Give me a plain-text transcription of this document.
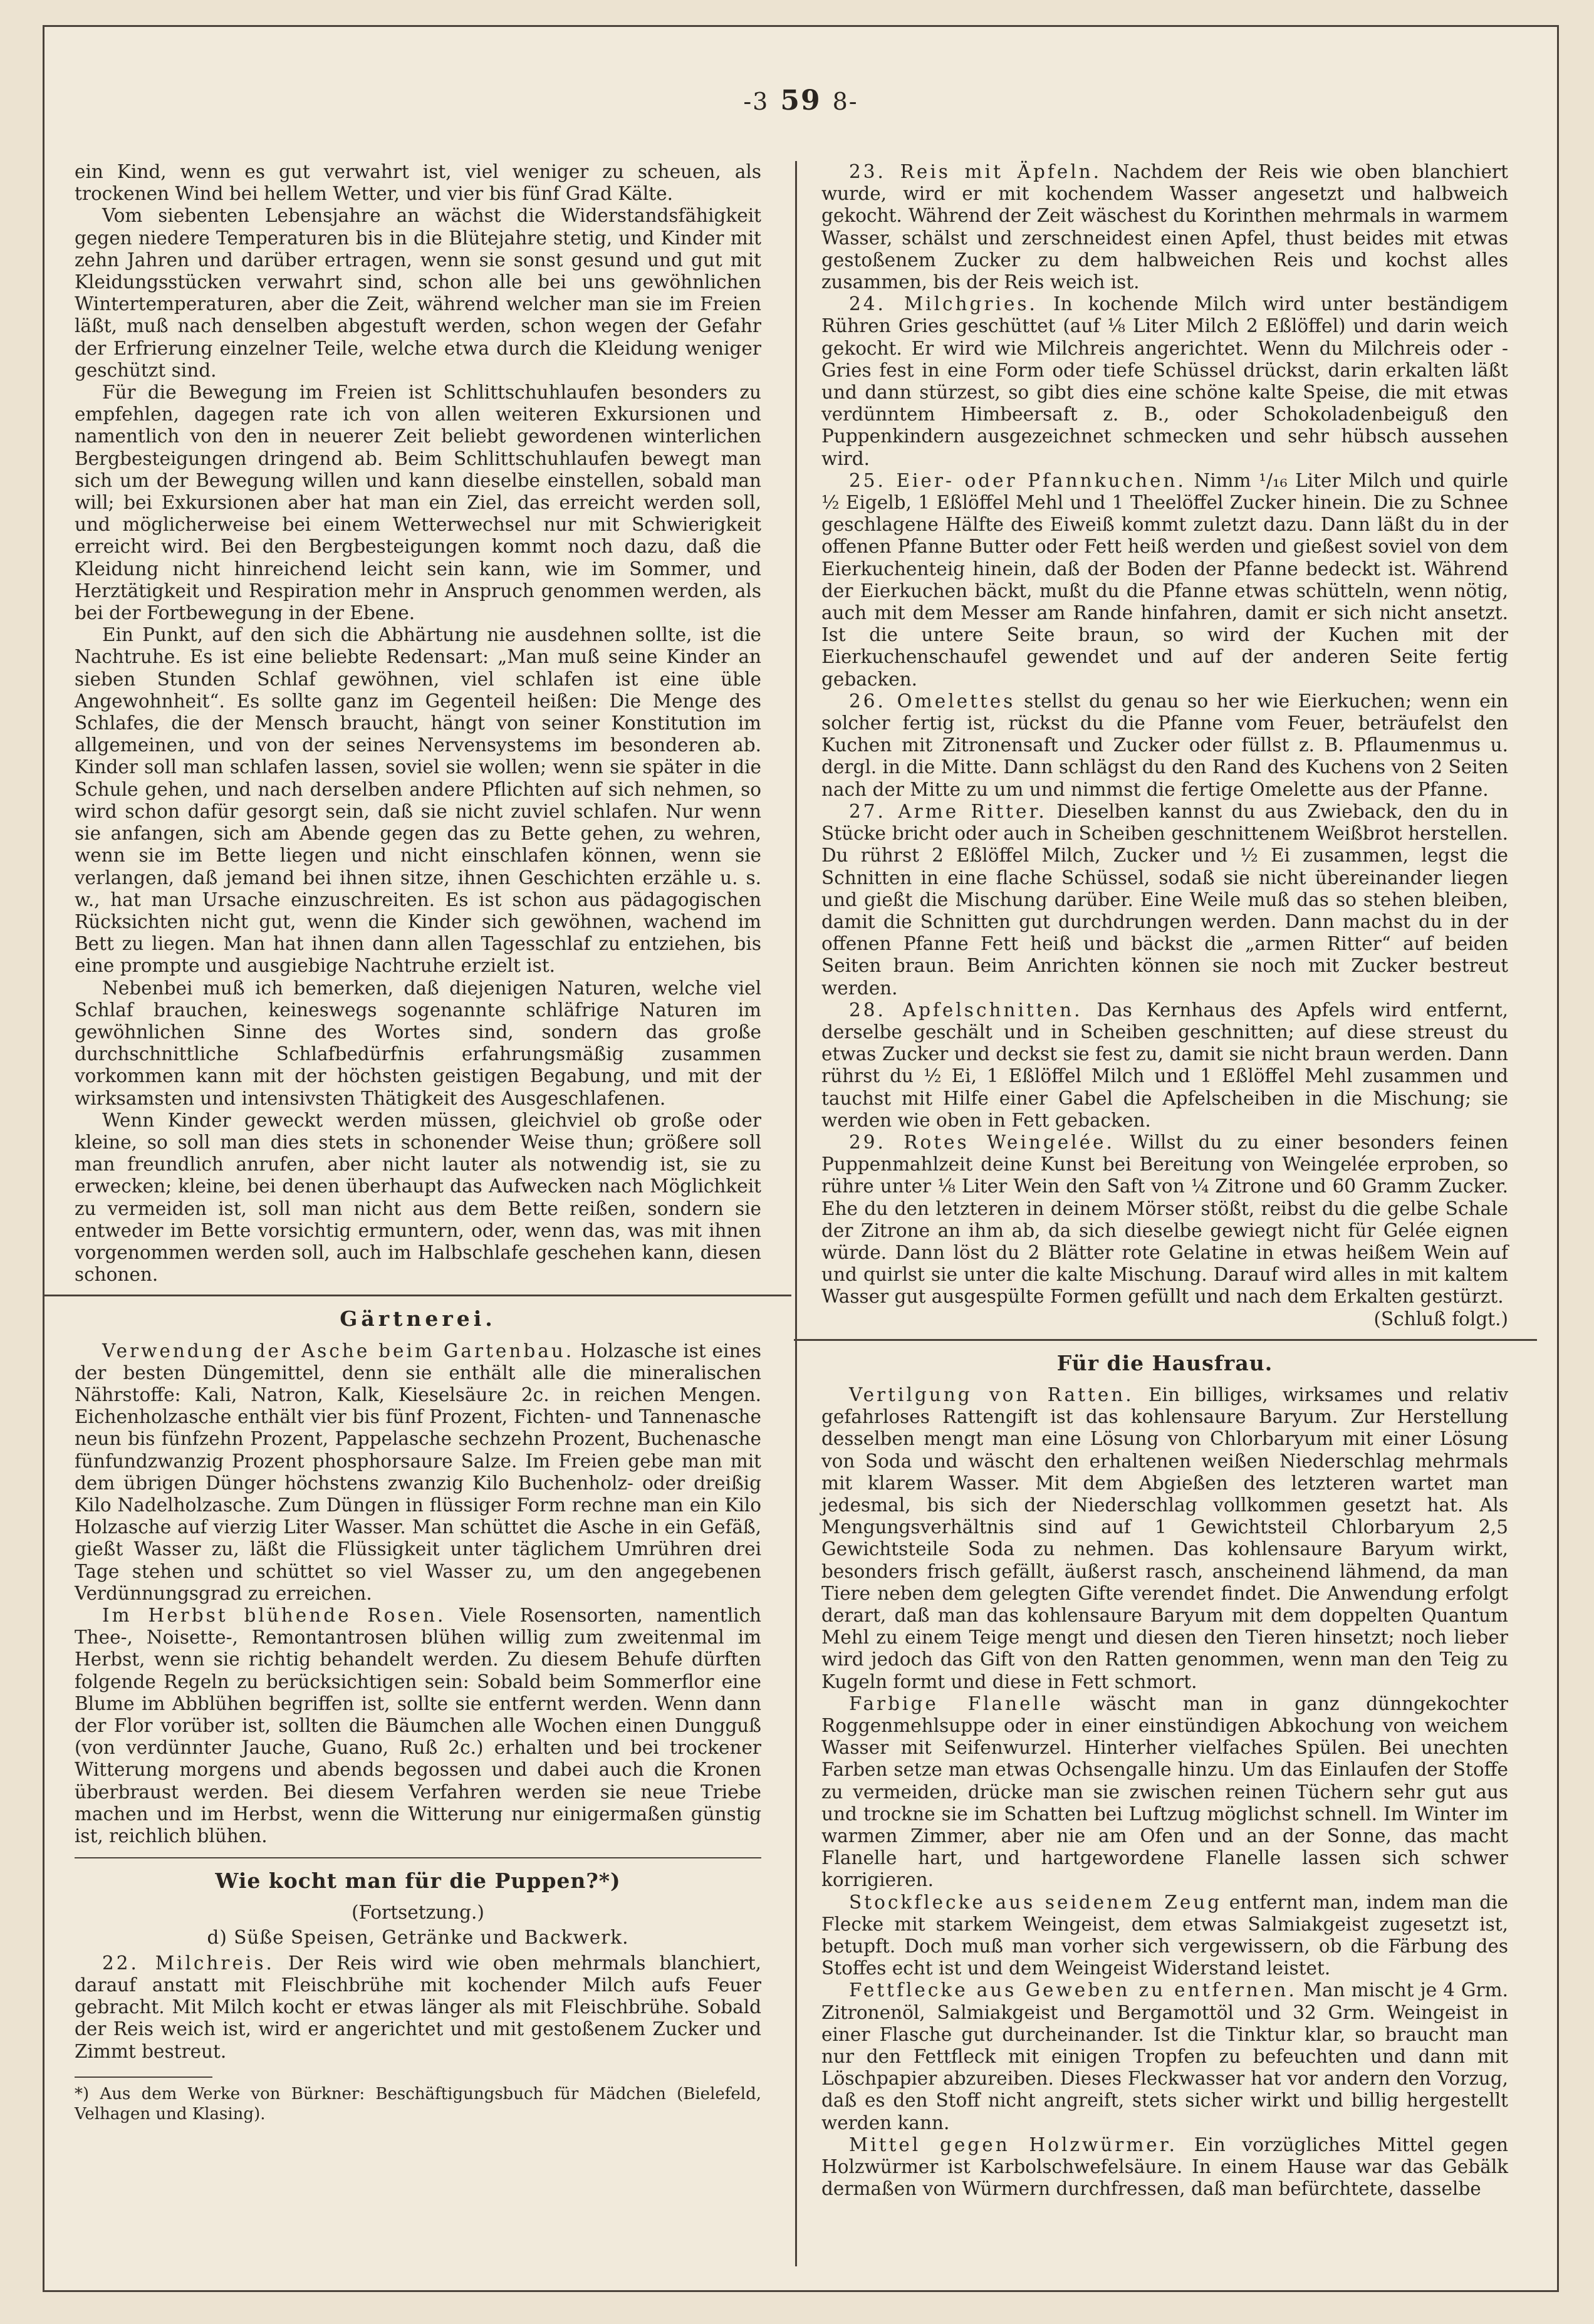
-3 59 8-

ein Kind, wenn es gut verwahrt ist, viel weniger zu scheuen, als trockenen Wind bei hellem Wetter, und vier bis fünf Grad Kälte.

Vom siebenten Lebensjahre an wächst die Widerstandsfähigkeit gegen niedere Temperaturen bis in die Blütejahre stetig, und Kinder mit zehn Jahren und darüber ertragen, wenn sie sonst gesund und gut mit Kleidungsstücken verwahrt sind, schon alle bei uns gewöhnlichen Wintertemperaturen, aber die Zeit, während welcher man sie im Freien läßt, muß nach denselben abgestuft werden, schon wegen der Gefahr der Erfrierung einzelner Teile, welche etwa durch die Kleidung weniger geschützt sind.

Für die Bewegung im Freien ist Schlittschuhlaufen besonders zu empfehlen, dagegen rate ich von allen weiteren Exkursionen und namentlich von den in neuerer Zeit beliebt gewordenen winterlichen Bergbesteigungen dringend ab. Beim Schlittschuhlaufen bewegt man sich um der Bewegung willen und kann dieselbe einstellen, sobald man will; bei Exkursionen aber hat man ein Ziel, das erreicht werden soll, und möglicherweise bei einem Wetterwechsel nur mit Schwierigkeit erreicht wird. Bei den Bergbesteigungen kommt noch dazu, daß die Kleidung nicht hinreichend leicht sein kann, wie im Sommer, und Herztätigkeit und Respiration mehr in Anspruch genommen werden, als bei der Fortbewegung in der Ebene.

Ein Punkt, auf den sich die Abhärtung nie ausdehnen sollte, ist die Nachtruhe. Es ist eine beliebte Redensart: „Man muß seine Kinder an sieben Stunden Schlaf gewöhnen, viel schlafen ist eine üble Angewohnheit“. Es sollte ganz im Gegenteil heißen: Die Menge des Schlafes, die der Mensch braucht, hängt von seiner Konstitution im allgemeinen, und von der seines Nervensystems im besonderen ab. Kinder soll man schlafen lassen, soviel sie wollen; wenn sie später in die Schule gehen, und nach derselben andere Pflichten auf sich nehmen, so wird schon dafür gesorgt sein, daß sie nicht zuviel schlafen. Nur wenn sie anfangen, sich am Abende gegen das zu Bette gehen, zu wehren, wenn sie im Bette liegen und nicht einschlafen können, wenn sie verlangen, daß jemand bei ihnen sitze, ihnen Geschichten erzähle u. s. w., hat man Ursache einzuschreiten. Es ist schon aus pädagogischen Rücksichten nicht gut, wenn die Kinder sich gewöhnen, wachend im Bett zu liegen. Man hat ihnen dann allen Tagesschlaf zu entziehen, bis eine prompte und ausgiebige Nachtruhe erzielt ist.

Nebenbei muß ich bemerken, daß diejenigen Naturen, welche viel Schlaf brauchen, keineswegs sogenannte schläfrige Naturen im gewöhnlichen Sinne des Wortes sind, sondern das große durchschnittliche Schlafbedürfnis erfahrungsmäßig zusammen vorkommen kann mit der höchsten geistigen Begabung, und mit der wirksamsten und intensivsten Thätigkeit des Ausgeschlafenen.

Wenn Kinder geweckt werden müssen, gleichviel ob große oder kleine, so soll man dies stets in schonender Weise thun; größere soll man freundlich anrufen, aber nicht lauter als notwendig ist, sie zu erwecken; kleine, bei denen überhaupt das Aufwecken nach Möglichkeit zu vermeiden ist, soll man nicht aus dem Bette reißen, sondern sie entweder im Bette vorsichtig ermuntern, oder, wenn das, was mit ihnen vorgenommen werden soll, auch im Halbschlafe geschehen kann, diesen schonen.

Gärtnerei.

Verwendung der Asche beim Gartenbau. Holzasche ist eines der besten Düngemittel, denn sie enthält alle die mineralischen Nährstoffe: Kali, Natron, Kalk, Kieselsäure 2c. in reichen Mengen. Eichenholzasche enthält vier bis fünf Prozent, Fichten- und Tannenasche neun bis fünfzehn Prozent, Pappelasche sechzehn Prozent, Buchenasche fünfundzwanzig Prozent phosphorsaure Salze. Im Freien gebe man mit dem übrigen Dünger höchstens zwanzig Kilo Buchenholz- oder dreißig Kilo Nadelholzasche. Zum Düngen in flüssiger Form rechne man ein Kilo Holzasche auf vierzig Liter Wasser. Man schüttet die Asche in ein Gefäß, gießt Wasser zu, läßt die Flüssigkeit unter täglichem Umrühren drei Tage stehen und schüttet so viel Wasser zu, um den angegebenen Verdünnungsgrad zu erreichen.

Im Herbst blühende Rosen. Viele Rosensorten, namentlich Thee-, Noisette-, Remontantrosen blühen willig zum zweitenmal im Herbst, wenn sie richtig behandelt werden. Zu diesem Behufe dürften folgende Regeln zu berücksichtigen sein: Sobald beim Sommerflor eine Blume im Abblühen begriffen ist, sollte sie entfernt werden. Wenn dann der Flor vorüber ist, sollten die Bäumchen alle Wochen einen Dungguß (von verdünnter Jauche, Guano, Ruß 2c.) erhalten und bei trockener Witterung morgens und abends begossen und dabei auch die Kronen überbraust werden. Bei diesem Verfahren werden sie neue Triebe machen und im Herbst, wenn die Witterung nur einigermaßen günstig ist, reichlich blühen.

Wie kocht man für die Puppen?*)
(Fortsetzung.)
d) Süße Speisen, Getränke und Backwerk.

22. Milchreis. Der Reis wird wie oben mehrmals blanchiert, darauf anstatt mit Fleischbrühe mit kochender Milch aufs Feuer gebracht. Mit Milch kocht er etwas länger als mit Fleischbrühe. Sobald der Reis weich ist, wird er angerichtet und mit gestoßenem Zucker und Zimmt bestreut.

*) Aus dem Werke von Bürkner: Beschäftigungsbuch für Mädchen (Bielefeld, Velhagen und Klasing).

23. Reis mit Äpfeln. Nachdem der Reis wie oben blanchiert wurde, wird er mit kochendem Wasser angesetzt und halbweich gekocht. Während der Zeit wäschest du Korinthen mehrmals in warmem Wasser, schälst und zerschneidest einen Apfel, thust beides mit etwas gestoßenem Zucker zu dem halbweichen Reis und kochst alles zusammen, bis der Reis weich ist.

24. Milchgries. In kochende Milch wird unter beständigem Rühren Gries geschüttet (auf ⅛ Liter Milch 2 Eßlöffel) und darin weich gekocht. Er wird wie Milchreis angerichtet. Wenn du Milchreis oder -Gries fest in eine Form oder tiefe Schüssel drückst, darin erkalten läßt und dann stürzest, so gibt dies eine schöne kalte Speise, die mit etwas verdünntem Himbeersaft z. B., oder Schokoladenbeiguß den Puppenkindern ausgezeichnet schmecken und sehr hübsch aussehen wird.

25. Eier- oder Pfannkuchen. Nimm ¹/₁₆ Liter Milch und quirle ½ Eigelb, 1 Eßlöffel Mehl und 1 Theelöffel Zucker hinein. Die zu Schnee geschlagene Hälfte des Eiweiß kommt zuletzt dazu. Dann läßt du in der offenen Pfanne Butter oder Fett heiß werden und gießest soviel von dem Eierkuchenteig hinein, daß der Boden der Pfanne bedeckt ist. Während der Eierkuchen bäckt, mußt du die Pfanne etwas schütteln, wenn nötig, auch mit dem Messer am Rande hinfahren, damit er sich nicht ansetzt. Ist die untere Seite braun, so wird der Kuchen mit der Eierkuchenschaufel gewendet und auf der anderen Seite fertig gebacken.

26. Omelettes stellst du genau so her wie Eierkuchen; wenn ein solcher fertig ist, rückst du die Pfanne vom Feuer, beträufelst den Kuchen mit Zitronensaft und Zucker oder füllst z. B. Pflaumenmus u. dergl. in die Mitte. Dann schlägst du den Rand des Kuchens von 2 Seiten nach der Mitte zu um und nimmst die fertige Omelette aus der Pfanne.

27. Arme Ritter. Dieselben kannst du aus Zwieback, den du in Stücke bricht oder auch in Scheiben geschnittenem Weißbrot herstellen. Du rührst 2 Eßlöffel Milch, Zucker und ½ Ei zusammen, legst die Schnitten in eine flache Schüssel, sodaß sie nicht übereinander liegen und gießt die Mischung darüber. Eine Weile muß das so stehen bleiben, damit die Schnitten gut durchdrungen werden. Dann machst du in der offenen Pfanne Fett heiß und bäckst die „armen Ritter“ auf beiden Seiten braun. Beim Anrichten können sie noch mit Zucker bestreut werden.

28. Apfelschnitten. Das Kernhaus des Apfels wird entfernt, derselbe geschält und in Scheiben geschnitten; auf diese streust du etwas Zucker und deckst sie fest zu, damit sie nicht braun werden. Dann rührst du ½ Ei, 1 Eßlöffel Milch und 1 Eßlöffel Mehl zusammen und tauchst mit Hilfe einer Gabel die Apfelscheiben in die Mischung; sie werden wie oben in Fett gebacken.

29. Rotes Weingelée. Willst du zu einer besonders feinen Puppenmahlzeit deine Kunst bei Bereitung von Weingelée erproben, so rühre unter ⅛ Liter Wein den Saft von ¼ Zitrone und 60 Gramm Zucker. Ehe du den letzteren in deinem Mörser stößt, reibst du die gelbe Schale der Zitrone an ihm ab, da sich dieselbe gewiegt nicht für Gelée eignen würde. Dann löst du 2 Blätter rote Gelatine in etwas heißem Wein auf und quirlst sie unter die kalte Mischung. Darauf wird alles in mit kaltem Wasser gut ausgespülte Formen gefüllt und nach dem Erkalten gestürzt.

(Schluß folgt.)
Für die Hausfrau.

Vertilgung von Ratten. Ein billiges, wirksames und relativ gefahrloses Rattengift ist das kohlensaure Baryum. Zur Herstellung desselben mengt man eine Lösung von Chlorbaryum mit einer Lösung von Soda und wäscht den erhaltenen weißen Niederschlag mehrmals mit klarem Wasser. Mit dem Abgießen des letzteren wartet man jedesmal, bis sich der Niederschlag vollkommen gesetzt hat. Als Mengungsverhältnis sind auf 1 Gewichtsteil Chlorbaryum 2,5 Gewichtsteile Soda zu nehmen. Das kohlensaure Baryum wirkt, besonders frisch gefällt, äußerst rasch, anscheinend lähmend, da man Tiere neben dem gelegten Gifte verendet findet. Die Anwendung erfolgt derart, daß man das kohlensaure Baryum mit dem doppelten Quantum Mehl zu einem Teige mengt und diesen den Tieren hinsetzt; noch lieber wird jedoch das Gift von den Ratten genommen, wenn man den Teig zu Kugeln formt und diese in Fett schmort.

Farbige Flanelle wäscht man in ganz dünngekochter Roggenmehlsuppe oder in einer einstündigen Abkochung von weichem Wasser mit Seifenwurzel. Hinterher vielfaches Spülen. Bei unechten Farben setze man etwas Ochsengalle hinzu. Um das Einlaufen der Stoffe zu vermeiden, drücke man sie zwischen reinen Tüchern sehr gut aus und trockne sie im Schatten bei Luftzug möglichst schnell. Im Winter im warmen Zimmer, aber nie am Ofen und an der Sonne, das macht Flanelle hart, und hartgewordene Flanelle lassen sich schwer korrigieren.

Stockflecke aus seidenem Zeug entfernt man, indem man die Flecke mit starkem Weingeist, dem etwas Salmiakgeist zugesetzt ist, betupft. Doch muß man vorher sich vergewissern, ob die Färbung des Stoffes echt ist und dem Weingeist Widerstand leistet.

Fettflecke aus Geweben zu entfernen. Man mischt je 4 Grm. Zitronenöl, Salmiakgeist und Bergamottöl und 32 Grm. Weingeist in einer Flasche gut durcheinander. Ist die Tinktur klar, so braucht man nur den Fettfleck mit einigen Tropfen zu befeuchten und dann mit Löschpapier abzureiben. Dieses Fleckwasser hat vor andern den Vorzug, daß es den Stoff nicht angreift, stets sicher wirkt und billig hergestellt werden kann.

Mittel gegen Holzwürmer. Ein vorzügliches Mittel gegen Holzwürmer ist Karbolschwefelsäure. In einem Hause war das Gebälk dermaßen von Würmern durchfressen, daß man befürchtete, dasselbe
